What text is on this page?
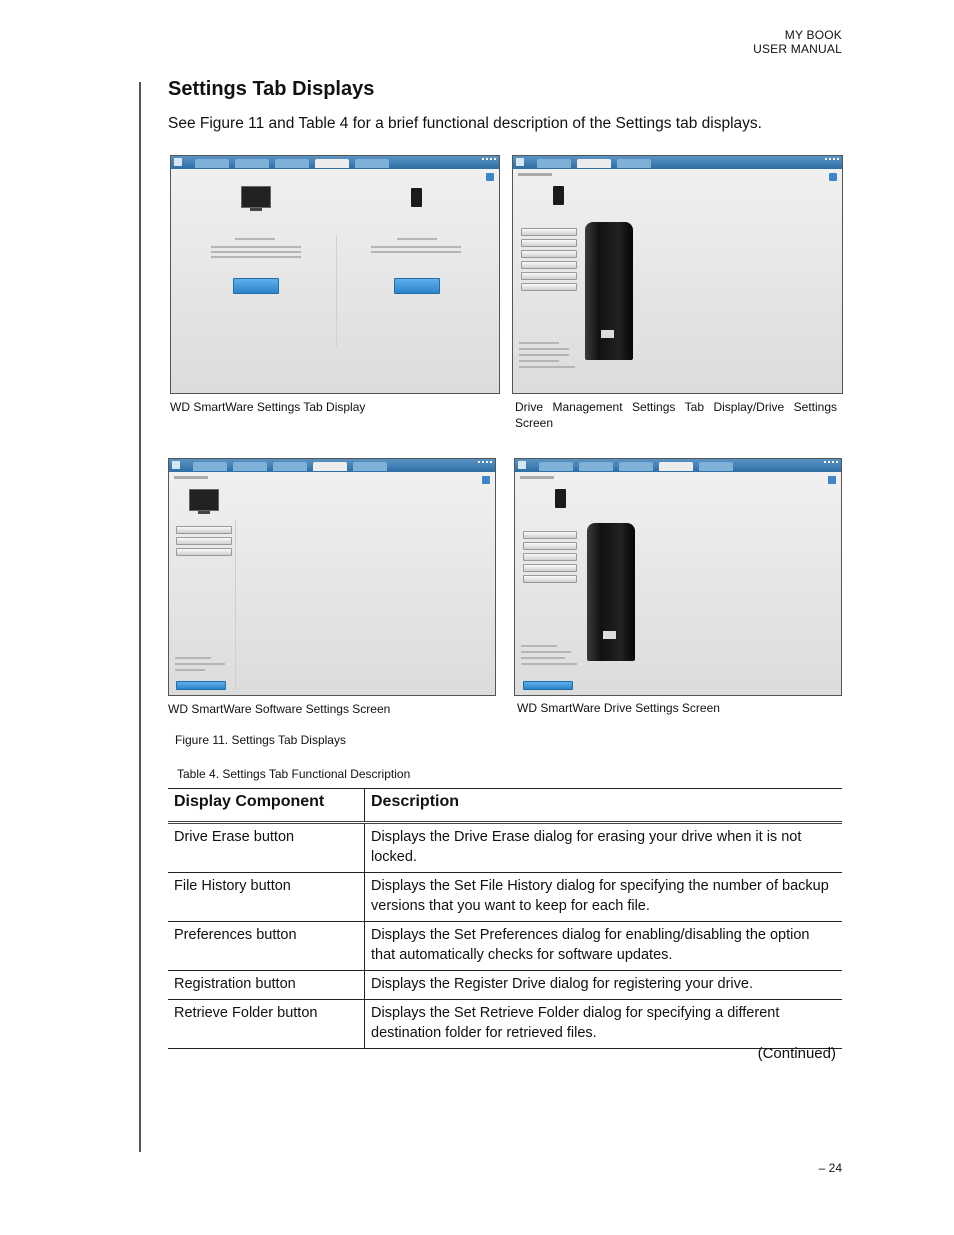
MY BOOK
USER MANUAL
Settings Tab Displays
See Figure 11 and Table 4 for a brief functional description of the Settings tab displays.
WD SmartWare Settings Tab Display	Drive Management Settings Tab Display/Drive Settings Screen
WD SmartWare Software Settings Screen	WD SmartWare Drive Settings Screen
Figure 11. Settings Tab Displays
Table 4. Settings Tab Functional Description
Display Component	Description
Drive Erase button	Displays the Drive Erase dialog for erasing your drive when it is not locked.
File History button	Displays the Set File History dialog for specifying the number of backup versions that you want to keep for each file.
Preferences button	Displays the Set Preferences dialog for enabling/disabling the option that automatically checks for software updates.
Registration button	Displays the Register Drive dialog for registering your drive.
Retrieve Folder button	Displays the Set Retrieve Folder dialog for specifying a different destination folder for retrieved files.
(Continued)
– 24
